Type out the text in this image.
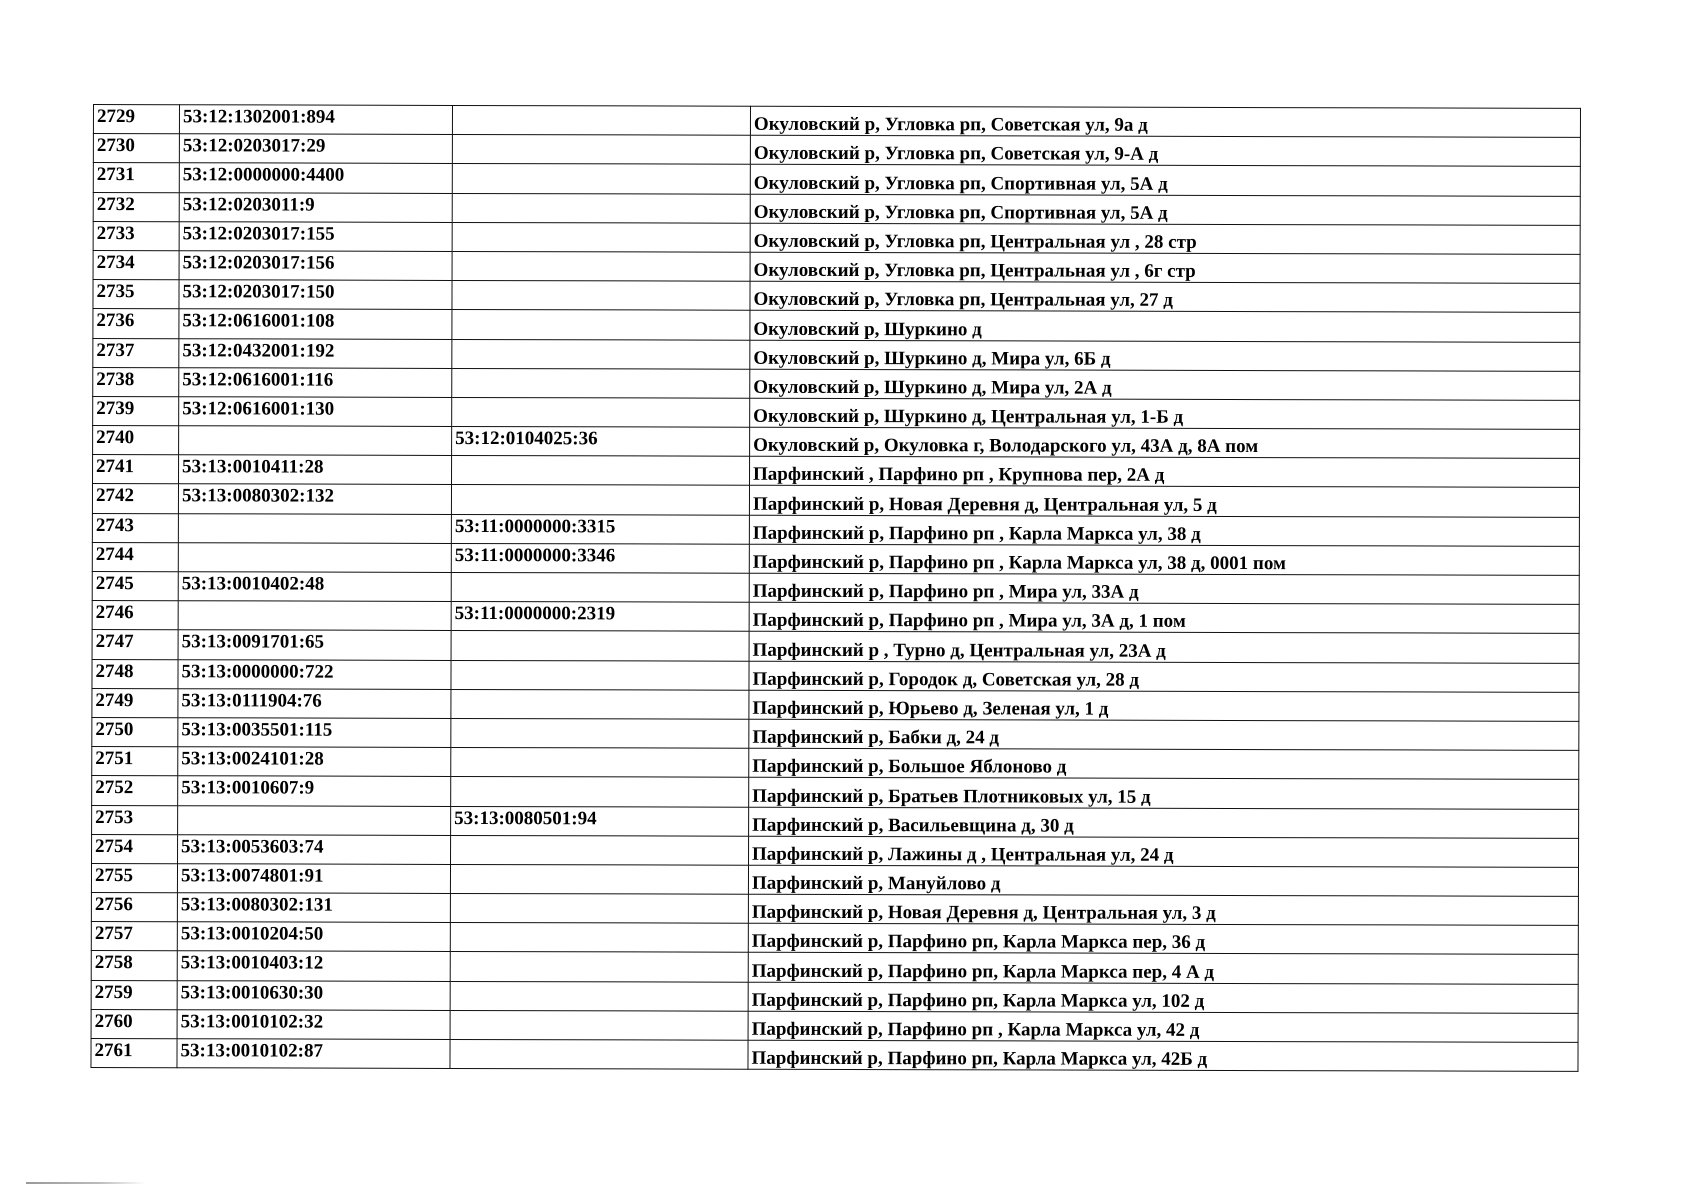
2729	53:12:1302001:894		Окуловский р, Угловка рп, Советская ул, 9а д
2730	53:12:0203017:29		Окуловский р, Угловка рп, Советская ул, 9-А д
2731	53:12:0000000:4400		Окуловский р, Угловка рп, Спортивная ул, 5А д
2732	53:12:0203011:9		Окуловский р, Угловка рп, Спортивная ул, 5А д
2733	53:12:0203017:155		Окуловский р, Угловка рп, Центральная ул , 28 стр
2734	53:12:0203017:156		Окуловский р, Угловка рп, Центральная ул , 6г стр
2735	53:12:0203017:150		Окуловский р, Угловка рп, Центральная ул, 27 д
2736	53:12:0616001:108		Окуловский р, Шуркино д
2737	53:12:0432001:192		Окуловский р, Шуркино д, Мира ул, 6Б д
2738	53:12:0616001:116		Окуловский р, Шуркино д, Мира ул, 2А д
2739	53:12:0616001:130		Окуловский р, Шуркино д, Центральная ул, 1-Б д
2740		53:12:0104025:36	Окуловский р, Окуловка г, Володарского ул, 43А д, 8А пом
2741	53:13:0010411:28		Парфинский , Парфино рп , Крупнова пер, 2А д
2742	53:13:0080302:132		Парфинский р, Новая Деревня д, Центральная ул, 5 д
2743		53:11:0000000:3315	Парфинский р, Парфино рп , Карла Маркса ул, 38 д
2744		53:11:0000000:3346	Парфинский р, Парфино рп , Карла Маркса ул, 38 д, 0001 пом
2745	53:13:0010402:48		Парфинский р, Парфино рп , Мира ул, 33А д
2746		53:11:0000000:2319	Парфинский р, Парфино рп , Мира ул, 3А д, 1 пом
2747	53:13:0091701:65		Парфинский р , Турно д, Центральная ул, 23А д
2748	53:13:0000000:722		Парфинский р, Городок д, Советская ул, 28 д
2749	53:13:0111904:76		Парфинский р, Юрьево д, Зеленая ул, 1 д
2750	53:13:0035501:115		Парфинский р, Бабки д, 24 д
2751	53:13:0024101:28		Парфинский р, Большое Яблоново д
2752	53:13:0010607:9		Парфинский р, Братьев Плотниковых ул, 15 д
2753		53:13:0080501:94	Парфинский р, Васильевщина д, 30 д
2754	53:13:0053603:74		Парфинский р, Лажины д , Центральная ул, 24 д
2755	53:13:0074801:91		Парфинский р, Мануйлово д
2756	53:13:0080302:131		Парфинский р, Новая Деревня д, Центральная ул, 3 д
2757	53:13:0010204:50		Парфинский р, Парфино рп, Карла Маркса пер, 36 д
2758	53:13:0010403:12		Парфинский р, Парфино рп, Карла Маркса пер, 4 А д
2759	53:13:0010630:30		Парфинский р, Парфино рп, Карла Маркса ул, 102 д
2760	53:13:0010102:32		Парфинский р, Парфино рп , Карла Маркса ул, 42 д
2761	53:13:0010102:87		Парфинский р, Парфино рп, Карла Маркса ул, 42Б д
